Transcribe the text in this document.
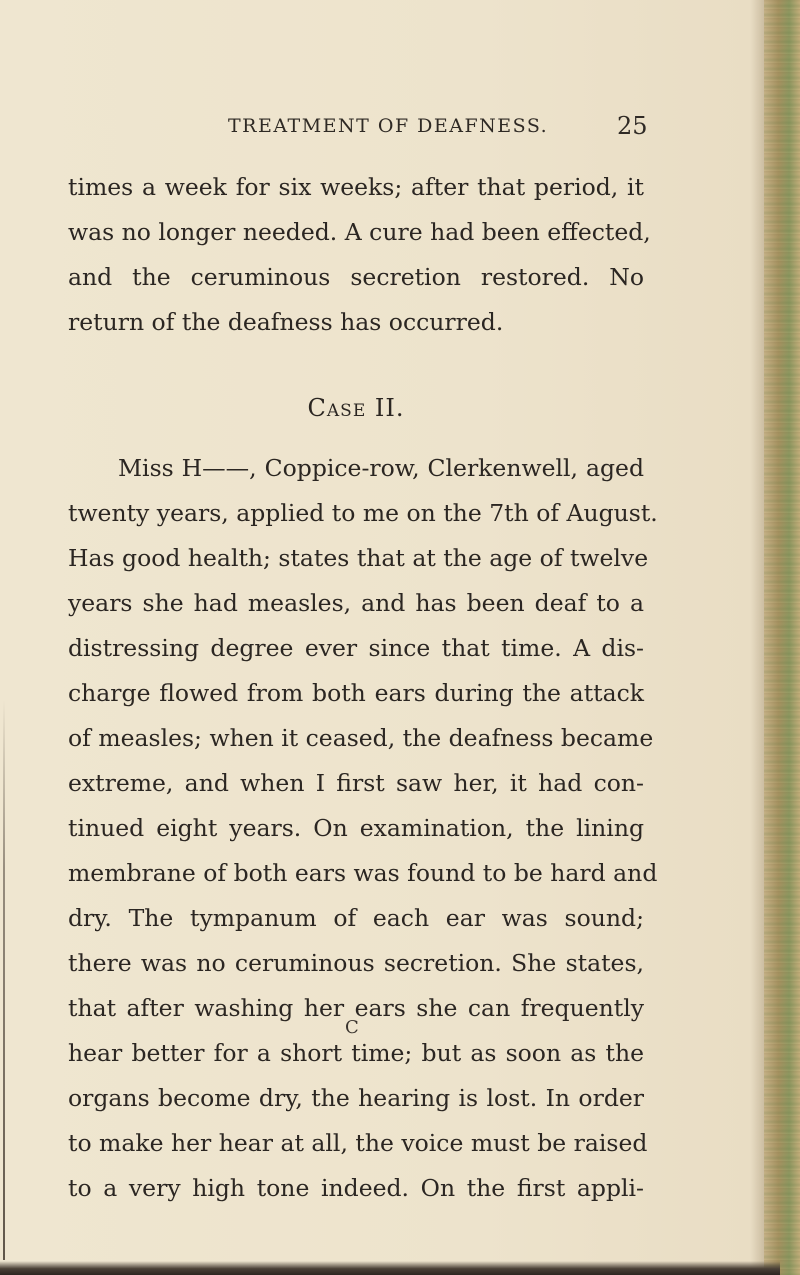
TREATMENT OF DEAFNESS.	25
times a week for six weeks; after that period, it
was no longer needed. A cure had been effected,
and the ceruminous secretion restored. No
return of the deafness has occurred.
Case II.
Miss H——, Coppice-row, Clerkenwell, aged
twenty years, applied to me on the 7th of August.
Has good health; states that at the age of twelve
years she had measles, and has been deaf to a
distressing degree ever since that time. A dis-
charge flowed from both ears during the attack
of measles; when it ceased, the deafness became
extreme, and when I first saw her, it had con-
tinued eight years. On examination, the lining
membrane of both ears was found to be hard and
dry. The tympanum of each ear was sound;
there was no ceruminous secretion. She states,
that after washing her ears she can frequently
hear better for a short time; but as soon as the
organs become dry, the hearing is lost. In order
to make her hear at all, the voice must be raised
to a very high tone indeed. On the first appli-
C
